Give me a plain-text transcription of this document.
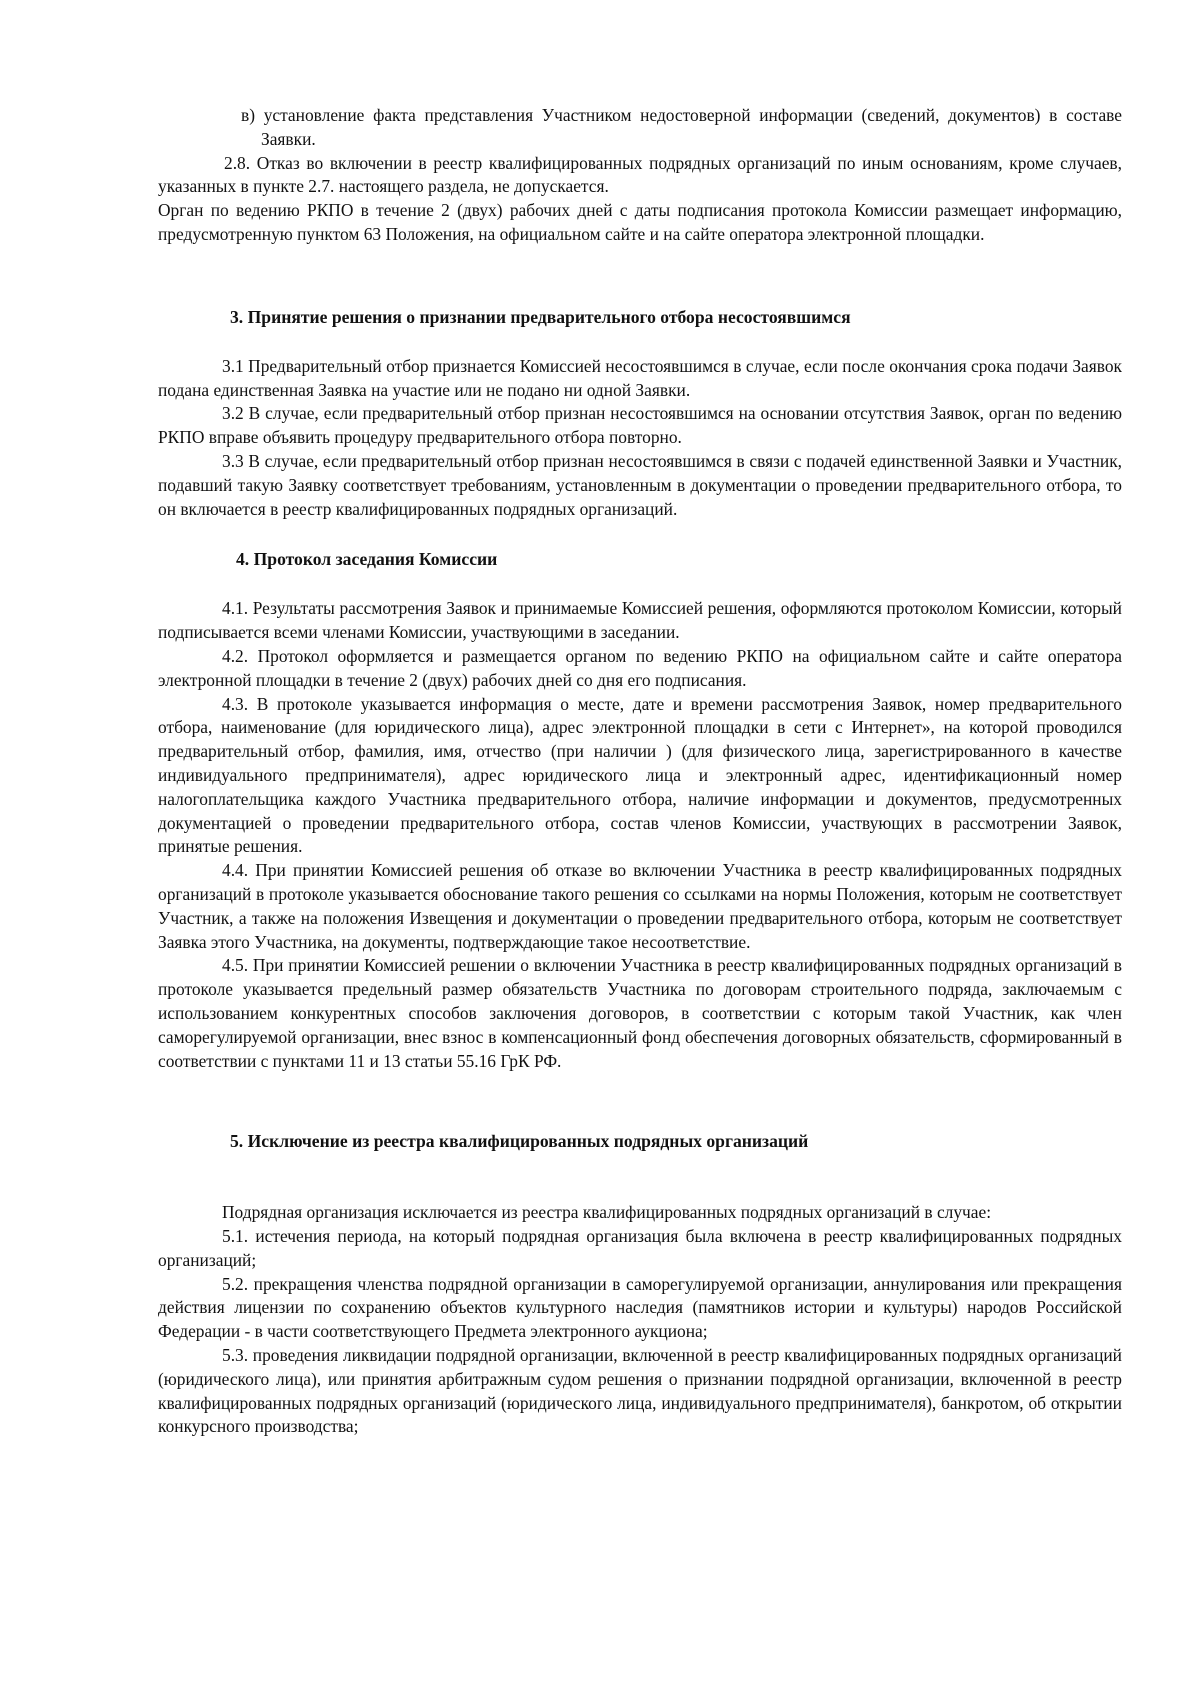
в) установление факта представления Участником недостоверной информации (сведений, документов) в составе Заявки.

2.8. Отказ во включении в реестр квалифицированных подрядных организаций по иным основаниям, кроме случаев, указанных в пункте 2.7. настоящего раздела, не допускается.

Орган по ведению РКПО в течение 2 (двух) рабочих дней с даты подписания протокола Комиссии размещает информацию, предусмотренную пунктом 63 Положения, на официальном сайте и на сайте оператора электронной площадки.

3. Принятие решения о признании предварительного отбора несостоявшимся

3.1 Предварительный отбор признается Комиссией несостоявшимся в случае, если после окончания срока подачи Заявок подана единственная Заявка на участие или не подано ни одной Заявки.

3.2 В случае, если предварительный отбор признан несостоявшимся на основании отсутствия Заявок, орган по ведению РКПО вправе объявить процедуру предварительного отбора повторно.

3.3 В случае, если предварительный отбор признан несостоявшимся в связи с подачей единственной Заявки и Участник, подавший такую Заявку соответствует требованиям, установленным в документации о проведении предварительного отбора, то он включается в реестр квалифицированных подрядных организаций.

4. Протокол заседания Комиссии

4.1. Результаты рассмотрения Заявок и принимаемые Комиссией решения, оформляются протоколом Комиссии, который подписывается всеми членами Комиссии, участвующими в заседании.

4.2. Протокол оформляется и размещается органом по ведению РКПО на официальном сайте и сайте оператора электронной площадки в течение 2 (двух) рабочих дней со дня его подписания.

4.3. В протоколе указывается информация о месте, дате и времени рассмотрения Заявок, номер предварительного отбора, наименование (для юридического лица), адрес электронной площадки в сети с Интернет», на которой проводился предварительный отбор, фамилия, имя, отчество (при наличии ) (для физического лица, зарегистрированного в качестве индивидуального предпринимателя), адрес юридического лица и электронный адрес, идентификационный номер налогоплательщика каждого Участника предварительного отбора, наличие информации и документов, предусмотренных документацией о проведении предварительного отбора, состав членов Комиссии, участвующих в рассмотрении Заявок, принятые решения.

4.4. При принятии Комиссией решения об отказе во включении Участника в реестр квалифицированных подрядных организаций в протоколе указывается обоснование такого решения со ссылками на нормы Положения, которым не соответствует Участник, а также на положения Извещения и документации о проведении предварительного отбора, которым не соответствует Заявка этого Участника, на документы, подтверждающие такое несоответствие.

4.5. При принятии Комиссией решении о включении Участника в реестр квалифицированных подрядных организаций в протоколе указывается предельный размер обязательств Участника по договорам строительного подряда, заключаемым с использованием конкурентных способов заключения договоров, в соответствии с которым такой Участник, как член саморегулируемой организации, внес взнос в компенсационный фонд обеспечения договорных обязательств, сформированный в соответствии с пунктами 11 и 13 статьи 55.16 ГрК РФ.

5. Исключение из реестра квалифицированных подрядных организаций

Подрядная организация исключается из реестра квалифицированных подрядных организаций в случае:

5.1. истечения периода, на который подрядная организация была включена в реестр квалифицированных подрядных организаций;

5.2. прекращения членства подрядной организации в саморегулируемой организации, аннулирования или прекращения действия лицензии по сохранению объектов культурного наследия (памятников истории и культуры) народов Российской Федерации - в части соответствующего Предмета электронного аукциона;

5.3. проведения ликвидации подрядной организации, включенной в реестр квалифицированных подрядных организаций (юридического лица), или принятия арбитражным судом решения о признании подрядной организации, включенной в реестр квалифицированных подрядных организаций (юридического лица, индивидуального предпринимателя), банкротом, об открытии конкурсного производства;
